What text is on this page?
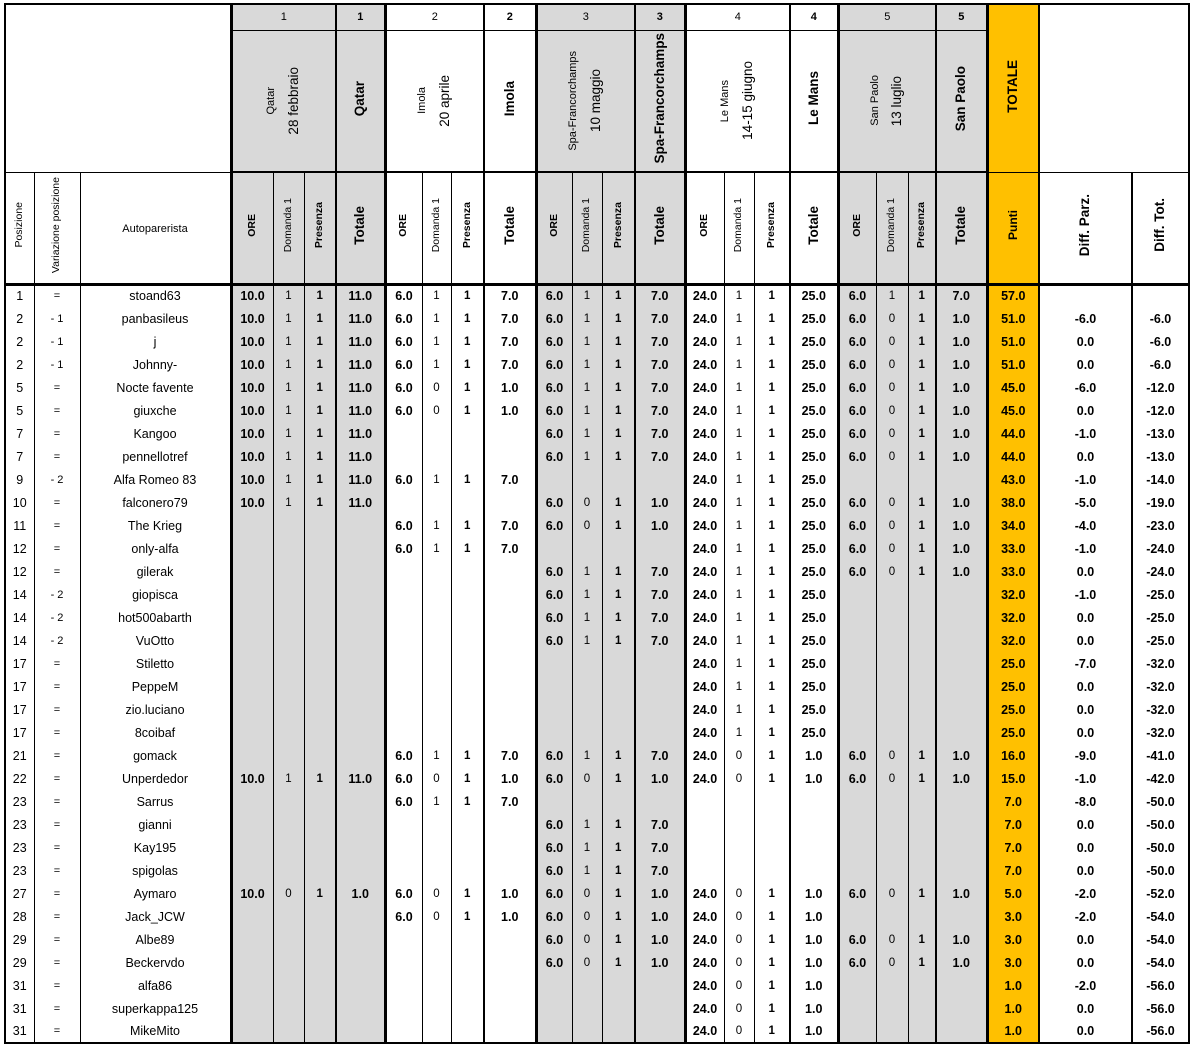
			1			1	2			2	3			3	4			4	5			5	TOTALE		

Qatar 28 febbraio	Qatar	Imola 20 aprile	Imola	Spa-Francorchamps 10 maggio	Spa-Francorchamps	Le Mans 14-15 giugno	Le Mans	San Paolo 13 luglio	San Paolo
Posizione	Variazione posizione	Autoparerista	ORE	Domanda 1	Presenza	Totale	ORE	Domanda 1	Presenza	Totale	ORE	Domanda 1	Presenza	Totale	ORE	Domanda 1	Presenza	Totale	ORE	Domanda 1	Presenza	Totale	Punti	Diff. Parz.	Diff. Tot.
1	=	stoand63	10.0	1	1	11.0	6.0	1	1	7.0	6.0	1	1	7.0	24.0	1	1	25.0	6.0	1	1	7.0	57.0		
2	- 1	panbasileus	10.0	1	1	11.0	6.0	1	1	7.0	6.0	1	1	7.0	24.0	1	1	25.0	6.0	0	1	1.0	51.0	-6.0	-6.0
2	- 1	j	10.0	1	1	11.0	6.0	1	1	7.0	6.0	1	1	7.0	24.0	1	1	25.0	6.0	0	1	1.0	51.0	0.0	-6.0
2	- 1	Johnny-	10.0	1	1	11.0	6.0	1	1	7.0	6.0	1	1	7.0	24.0	1	1	25.0	6.0	0	1	1.0	51.0	0.0	-6.0
5	=	Nocte favente	10.0	1	1	11.0	6.0	0	1	1.0	6.0	1	1	7.0	24.0	1	1	25.0	6.0	0	1	1.0	45.0	-6.0	-12.0
5	=	giuxche	10.0	1	1	11.0	6.0	0	1	1.0	6.0	1	1	7.0	24.0	1	1	25.0	6.0	0	1	1.0	45.0	0.0	-12.0
7	=	Kangoo	10.0	1	1	11.0					6.0	1	1	7.0	24.0	1	1	25.0	6.0	0	1	1.0	44.0	-1.0	-13.0
7	=	pennellotref	10.0	1	1	11.0					6.0	1	1	7.0	24.0	1	1	25.0	6.0	0	1	1.0	44.0	0.0	-13.0
9	- 2	Alfa Romeo 83	10.0	1	1	11.0	6.0	1	1	7.0					24.0	1	1	25.0					43.0	-1.0	-14.0
10	=	falconero79	10.0	1	1	11.0					6.0	0	1	1.0	24.0	1	1	25.0	6.0	0	1	1.0	38.0	-5.0	-19.0
11	=	The Krieg					6.0	1	1	7.0	6.0	0	1	1.0	24.0	1	1	25.0	6.0	0	1	1.0	34.0	-4.0	-23.0
12	=	only-alfa					6.0	1	1	7.0					24.0	1	1	25.0	6.0	0	1	1.0	33.0	-1.0	-24.0
12	=	gilerak									6.0	1	1	7.0	24.0	1	1	25.0	6.0	0	1	1.0	33.0	0.0	-24.0
14	- 2	giopisca									6.0	1	1	7.0	24.0	1	1	25.0					32.0	-1.0	-25.0
14	- 2	hot500abarth									6.0	1	1	7.0	24.0	1	1	25.0					32.0	0.0	-25.0
14	- 2	VuOtto									6.0	1	1	7.0	24.0	1	1	25.0					32.0	0.0	-25.0
17	=	Stiletto													24.0	1	1	25.0					25.0	-7.0	-32.0
17	=	PeppeM													24.0	1	1	25.0					25.0	0.0	-32.0
17	=	zio.luciano													24.0	1	1	25.0					25.0	0.0	-32.0
17	=	8coibaf													24.0	1	1	25.0					25.0	0.0	-32.0
21	=	gomack					6.0	1	1	7.0	6.0	1	1	7.0	24.0	0	1	1.0	6.0	0	1	1.0	16.0	-9.0	-41.0
22	=	Unperdedor	10.0	1	1	11.0	6.0	0	1	1.0	6.0	0	1	1.0	24.0	0	1	1.0	6.0	0	1	1.0	15.0	-1.0	-42.0
23	=	Sarrus					6.0	1	1	7.0													7.0	-8.0	-50.0
23	=	gianni									6.0	1	1	7.0									7.0	0.0	-50.0
23	=	Kay195									6.0	1	1	7.0									7.0	0.0	-50.0
23	=	spigolas									6.0	1	1	7.0									7.0	0.0	-50.0
27	=	Aymaro	10.0	0	1	1.0	6.0	0	1	1.0	6.0	0	1	1.0	24.0	0	1	1.0	6.0	0	1	1.0	5.0	-2.0	-52.0
28	=	Jack_JCW					6.0	0	1	1.0	6.0	0	1	1.0	24.0	0	1	1.0					3.0	-2.0	-54.0
29	=	Albe89									6.0	0	1	1.0	24.0	0	1	1.0	6.0	0	1	1.0	3.0	0.0	-54.0
29	=	Beckervdo									6.0	0	1	1.0	24.0	0	1	1.0	6.0	0	1	1.0	3.0	0.0	-54.0
31	=	alfa86													24.0	0	1	1.0					1.0	-2.0	-56.0
31	=	superkappa125													24.0	0	1	1.0					1.0	0.0	-56.0
31	=	MikeMito													24.0	0	1	1.0					1.0	0.0	-56.0
